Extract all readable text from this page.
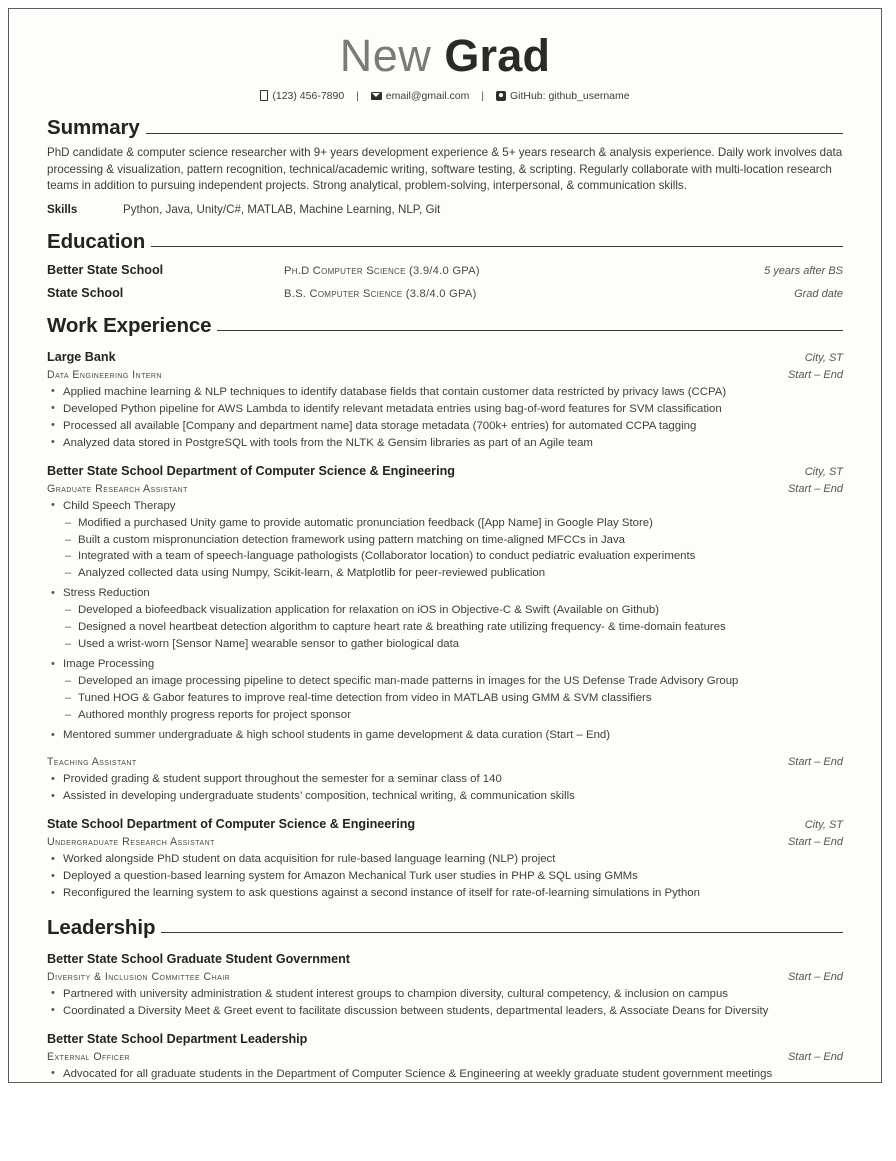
New Grad
(123) 456-7890 |	email@gmail.com | GitHub: github_username
Summary
PhD candidate & computer science researcher with 9+ years development experience & 5+ years research & analysis experience. Daily work involves data processing & visualization, pattern recognition, technical/academic writing, software testing, & scripting. Regularly collaborate with multi-location research teams in addition to pursuing independent projects. Strong analytical, problem-solving, interpersonal, & communication skills.
Skills	Python, Java, Unity/C#, MATLAB, Machine Learning, NLP, Git
Education
Better State School	Ph.D Computer Science (3.9/4.0 GPA)	5 years after BS
State School	B.S. Computer Science (3.8/4.0 GPA)	Grad date
Work Experience
Large Bank	City, ST
Data Engineering Intern	Start – End
• Applied machine learning & NLP techniques to identify database fields that contain customer data restricted by privacy laws (CCPA)
• Developed Python pipeline for AWS Lambda to identify relevant metadata entries using bag-of-word features for SVM classification
• Processed all available [Company and department name] data storage metadata (700k+ entries) for automated CCPA tagging
• Analyzed data stored in PostgreSQL with tools from the NLTK & Gensim libraries as part of an Agile team
Better State School Department of Computer Science & Engineering	City, ST
Graduate Research Assistant	Start – End
• Child Speech Therapy
– Modified a purchased Unity game to provide automatic pronunciation feedback ([App Name] in Google Play Store)
– Built a custom mispronunciation detection framework using pattern matching on time-aligned MFCCs in Java
– Integrated with a team of speech-language pathologists (Collaborator location) to conduct pediatric evaluation experiments
– Analyzed collected data using Numpy, Scikit-learn, & Matplotlib for peer-reviewed publication
• Stress Reduction
– Developed a biofeedback visualization application for relaxation on iOS in Objective-C & Swift (Available on Github)
– Designed a novel heartbeat detection algorithm to capture heart rate & breathing rate utilizing frequency- & time-domain features
– Used a wrist-worn [Sensor Name] wearable sensor to gather biological data
• Image Processing
– Developed an image processing pipeline to detect specific man-made patterns in images for the US Defense Trade Advisory Group
– Tuned HOG & Gabor features to improve real-time detection from video in MATLAB using GMM & SVM classifiers
– Authored monthly progress reports for project sponsor
• Mentored summer undergraduate & high school students in game development & data curation (Start – End)
Teaching Assistant	Start – End
• Provided grading & student support throughout the semester for a seminar class of 140
• Assisted in developing undergraduate students’ composition, technical writing, & communication skills
State School Department of Computer Science & Engineering	City, ST
Undergraduate Research Assistant	Start – End
• Worked alongside PhD student on data acquisition for rule-based language learning (NLP) project
• Deployed a question-based learning system for Amazon Mechanical Turk user studies in PHP & SQL using GMMs
• Reconfigured the learning system to ask questions against a second instance of itself for rate-of-learning simulations in Python
Leadership
Better State School Graduate Student Government
Diversity & Inclusion Committee Chair	Start – End
• Partnered with university administration & student interest groups to champion diversity, cultural competency, & inclusion on campus
• Coordinated a Diversity Meet & Greet event to facilitate discussion between students, departmental leaders, & Associate Deans for Diversity
Better State School Department Leadership
External Officer	Start – End
• Advocated for all graduate students in the Department of Computer Science & Engineering at weekly graduate student government meetings
